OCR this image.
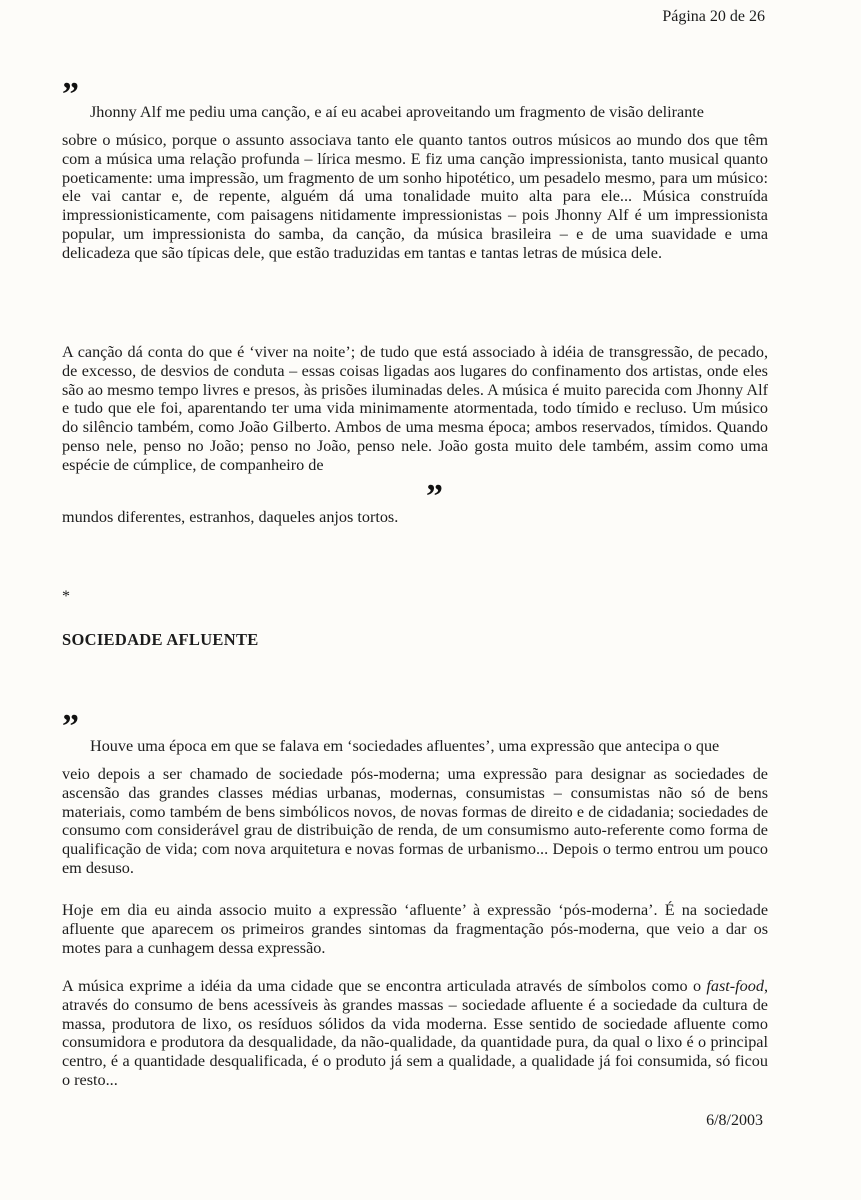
Página 20 de 26
” Jhonny Alf me pediu uma canção, e aí eu acabei aproveitando um fragmento de visão delirante

sobre o músico, porque o assunto associava tanto ele quanto tantos outros músicos ao mundo dos que têm com a música uma relação profunda – lírica mesmo. E fiz uma canção impressionista, tanto musical quanto poeticamente: uma impressão, um fragmento de um sonho hipotético, um pesadelo mesmo, para um músico: ele vai cantar e, de repente, alguém dá uma tonalidade muito alta para ele... Música construída impressionisticamente, com paisagens nitidamente impressionistas – pois Jhonny Alf é um impressionista popular, um impressionista do samba, da canção, da música brasileira – e de uma suavidade e uma delicadeza que são típicas dele, que estão traduzidas em tantas e tantas letras de música dele.

A canção dá conta do que é ‘viver na noite’; de tudo que está associado à idéia de transgressão, de pecado, de excesso, de desvios de conduta – essas coisas ligadas aos lugares do confinamento dos artistas, onde eles são ao mesmo tempo livres e presos, às prisões iluminadas deles. A música é muito parecida com Jhonny Alf e tudo que ele foi, aparentando ter uma vida minimamente atormentada, todo tímido e recluso. Um músico do silêncio também, como João Gilberto. Ambos de uma mesma época; ambos reservados, tímidos. Quando penso nele, penso no João; penso no João, penso nele. João gosta muito dele também, assim como uma espécie de cúmplice, de companheiro de

”

mundos diferentes, estranhos, daqueles anjos tortos.

*
SOCIEDADE AFLUENTE
”

Houve uma época em que se falava em ‘sociedades afluentes’, uma expressão que antecipa o que

veio depois a ser chamado de sociedade pós-moderna; uma expressão para designar as sociedades de ascensão das grandes classes médias urbanas, modernas, consumistas – consumistas não só de bens materiais, como também de bens simbólicos novos, de novas formas de direito e de cidadania; sociedades de consumo com considerável grau de distribuição de renda, de um consumismo auto-referente como forma de qualificação de vida; com nova arquitetura e novas formas de urbanismo... Depois o termo entrou um pouco em desuso.

Hoje em dia eu ainda associo muito a expressão ‘afluente’ à expressão ‘pós-moderna’. É na sociedade afluente que aparecem os primeiros grandes sintomas da fragmentação pós-moderna, que veio a dar os motes para a cunhagem dessa expressão.

A música exprime a idéia da uma cidade que se encontra articulada através de símbolos como o fast-food, através do consumo de bens acessíveis às grandes massas – sociedade afluente é a sociedade da cultura de massa, produtora de lixo, os resíduos sólidos da vida moderna. Esse sentido de sociedade afluente como consumidora e produtora da desqualidade, da não-qualidade, da quantidade pura, da qual o lixo é o principal centro, é a quantidade desqualificada, é o produto já sem a qualidade, a qualidade já foi consumida, só ficou o resto...

6/8/2003
